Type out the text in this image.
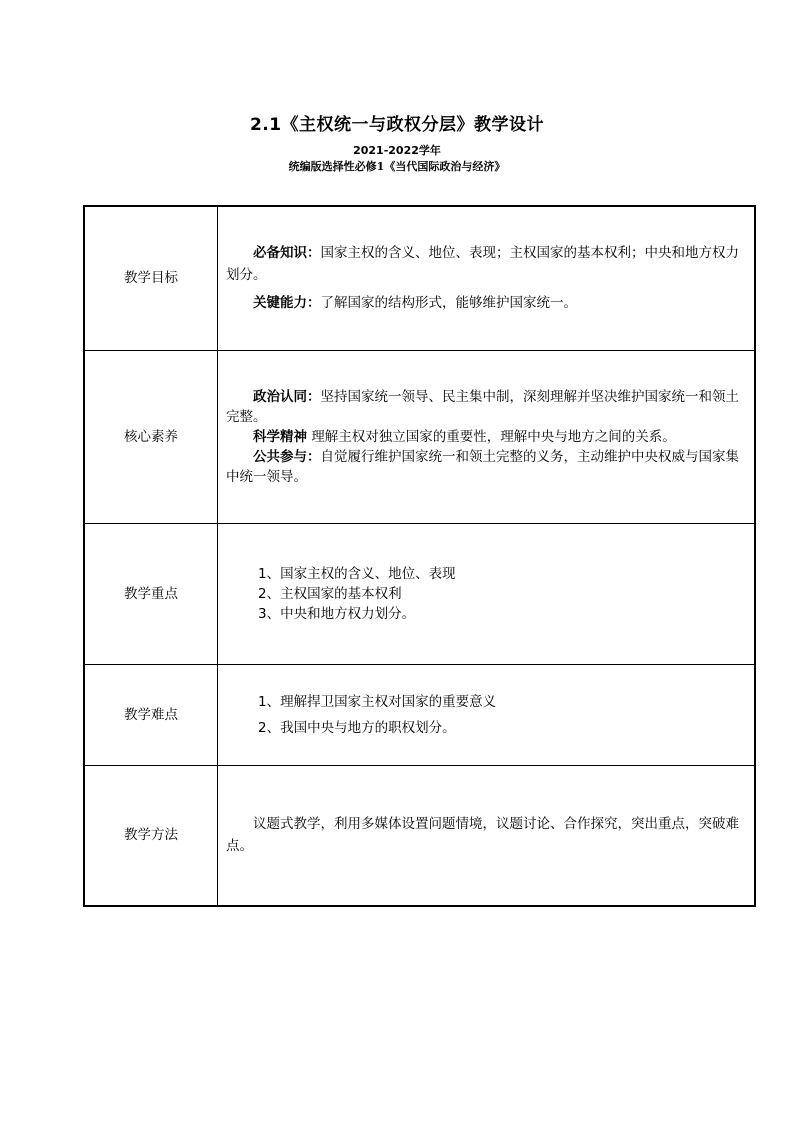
2.1《主权统一与政权分层》教学设计
2021-2022学年
统编版选择性必修1《当代国际政治与经济》
教学目标	必备知识：国家主权的含义、地位、表现；主权国家的基本权利；中央和地方权力划分。

关键能力：了解国家的结构形式，能够维护国家统一。

核心素养	政治认同：坚持国家统一领导、民主集中制，深刻理解并坚决维护国家统一和领土完整。

科学精神 理解主权对独立国家的重要性，理解中央与地方之间的关系。

公共参与：自觉履行维护国家统一和领土完整的义务，主动维护中央权威与国家集中统一领导。

教学重点	1、国家主权的含义、地位、表现

2、主权国家的基本权利

3、中央和地方权力划分。

教学难点	1、理解捍卫国家主权对国家的重要意义

2、我国中央与地方的职权划分。

教学方法	议题式教学，利用多媒体设置问题情境，议题讨论、合作探究，突出重点，突破难点。
